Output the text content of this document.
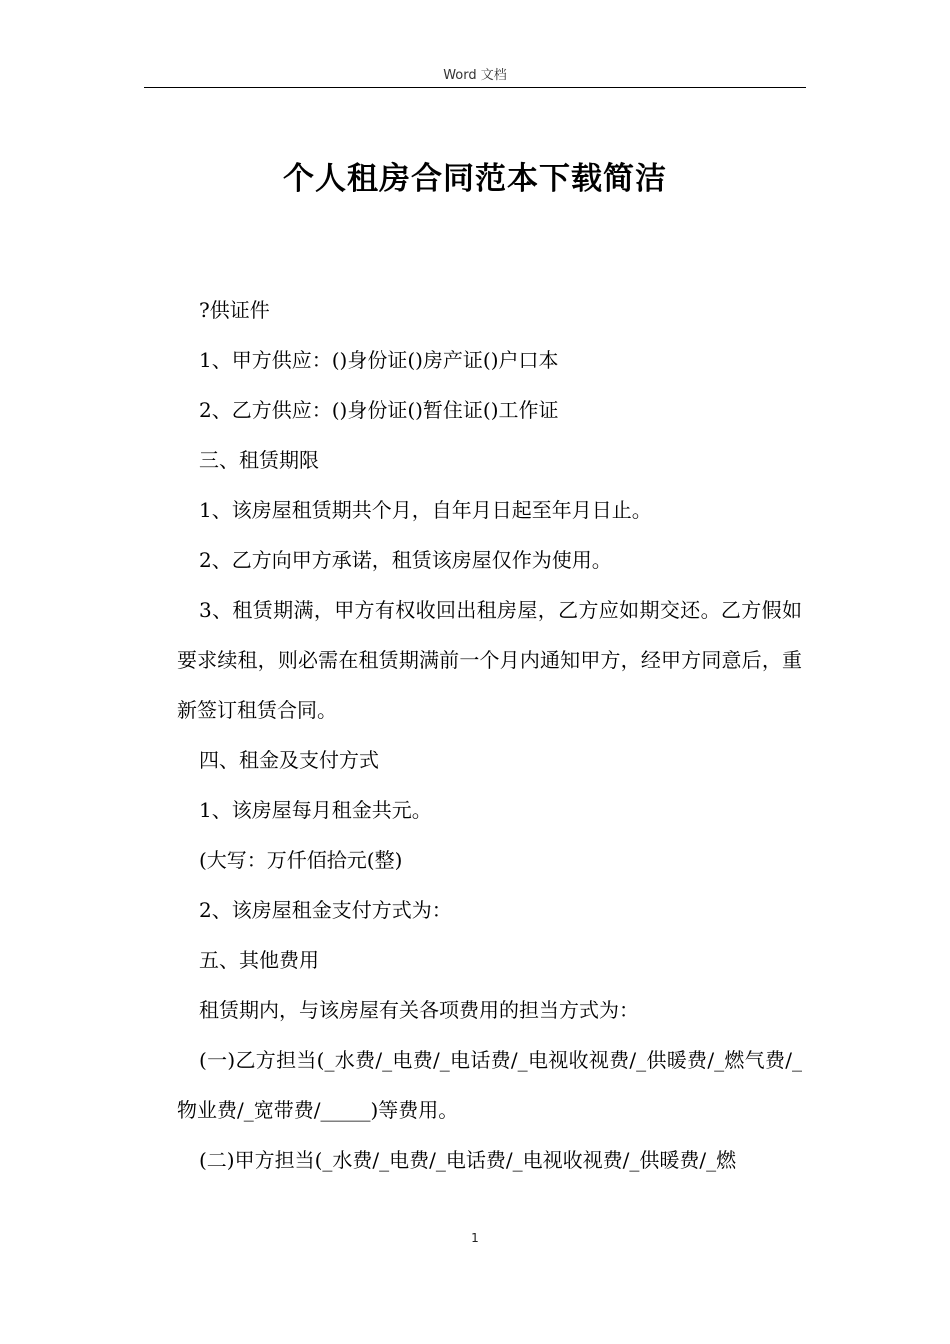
Word 文档
个人租房合同范本下载简洁

?供证件

1、甲方供应：()身份证()房产证()户口本

2、乙方供应：()身份证()暂住证()工作证

三、租赁期限

1、该房屋租赁期共个月，自年月日起至年月日止。

2、乙方向甲方承诺，租赁该房屋仅作为使用。

3、租赁期满，甲方有权收回出租房屋，乙方应如期交还。乙方假如要求续租，则必需在租赁期满前一个月内通知甲方，经甲方同意后，重新签订租赁合同。

四、租金及支付方式

1、该房屋每月租金共元。

(大写：万仟佰拾元(整)

2、该房屋租金支付方式为：

五、其他费用

租赁期内，与该房屋有关各项费用的担当方式为：

(一)乙方担当(_水费/_电费/_电话费/_电视收视费/_供暖费/_燃气费/_物业费/_宽带费/_____)等费用。

(二)甲方担当(_水费/_电费/_电话费/_电视收视费/_供暖费/_燃

1
